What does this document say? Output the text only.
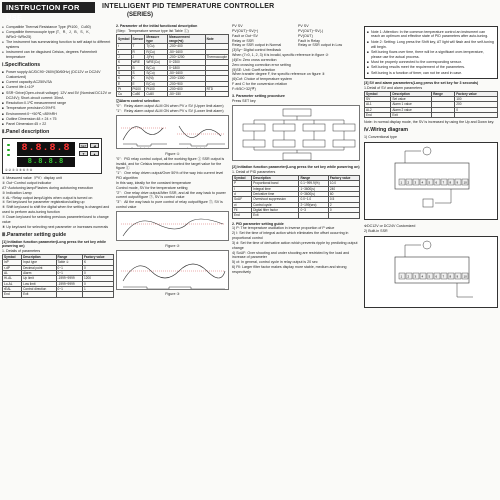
INSTRUCTION FOR USE
INTELLIGENT PID TEMPERATURE CONTROLLER
(SERIES)
● Compatible Thermal Resistance Type (Pt100、Cu50)
● Compatible thermocouple type (T、R、J、B、S、K、WRe3~WRe25)
● The instrument has summarizing function to self adapt to different systems
● Instrument can be disguised Celsius, degrees Fahrenheit temperature
Ⅰ.Specifications
■ Power supply:AC/DC90~260V(50/60Hz) (DC12V or DC24V Customized)
■ Current capacity:AC250V/3A
■ Current life:1×10⁵
■ SSR~Drive(Open-circuit voltage): 12V and 5V (Nominal DC12V or DC24V); Short-circuit current: 30mA
■ Resolution:0.1℃ measurement range
■ Temperature precision:0.5%FS
■ Environment:0~+50℃,<85%RH
■ Outline Dimension:48 × 24 × 75
■ Panel Dimension:45 × 22
Ⅱ.Panel description
8.8.8.8
8.8.8.8
SET	◀
▼	▲
① ② ③ ④ ⑤ ⑥ ⑦ ⑧
① Measured value（PV）display unit
② Out~Control output indicator
AT~Autotuning lamp/Flashes during autotuning execution
③ Indication Lamp
④ AL~Relay output lamp/Lights when output is turned on
⑤ Set key/used for parameter registration/calling up
⑥ Shift key/used to shift the digital when the setting is changed and used to perform auto-tuning function
⑦ Down key/used for selecting previous parameter/used to change value
⑧ Up key/used for selecting next parameter or increases numerals
Ⅲ.Parameter setting guide
[1] Initiation function parameter(Long press the set key while powering on)
1. Details of parameters
Symbol	Description	Range	Factory value
InP	Input type	Table ①	K
r-dP	Decimal point	0~1	0
AL	Alarm	0~1	0
Hi-AL	Up limit	-1999~9999	1200
Lo-AL	Low limit	-1999~9999	0
rEAL	Control direction	0~1	1
End	Exit		
2. Parameter of the initial functional description
(Step：Temperature sensor type list Table ①)
Symbol	Sensor	Measure type	Measurement range(℃)	Note
t	T	T(Cu)	-200~400	
r	R	R(Cu)	-50~1600	
J	J	J(Fe)	-200~1200	Thermocouple
K	WRE	WRE(Cu)	0~2300	
b	B	B(Cu)	0~1800	
S	S	S(Cu)	-50~1600	
K	K	K(Ni)	-200~1300	
E	E	E(Cu)	-200~900	
Pt	Pt100	Pt100	-200~600	RTD
Cu	Cu50	Cu50	-50~150	
⑵Alarm control selection
"0"：Relay alarm output ALM ON when PV ≥ SV (Upper limit alarm)
"1"：Relay alarm output ALM ON when PV ≤ SV (Lower limit alarm)
Upper limit alarm	Lower limit alarm
Figure ①
"0"：PID relay control output, all the working figure ① SSR output is invalid, and for Celsius temperature control the target value for the figure ①
"1"：One relay driven output/Over 50% of the way into current level PID algorithm
In this way, ideally for the constant temperature
Control mode, SV for the temperature setting
"2"：One relay drive output/After SSR, and all the way back to power current output/figure ③, SV is control value
"3"：All the way back to pure control of relay output/figure ③, SV is control value
Figure ②
Figure ③
PV SV
PV(OUT)~SV(+)
Fault or Out~SV
Relay or SSR
Relay or SSR output in Normal
PV SV
PV(OUT)~SV(-)
PV(OUT)
Fault in Relay
Relay or SSR output in Low
(3)Sy~ Digital control feedback
When (7=0, 1, 2, 3) it is invalid, specific reference in figure ②
(4)En: Zero cross correction
Zero crossing correction error setting
(5)SE: Unit: Coeff.selection
When transfer degree F, the specific reference on figure ③
(6)Cof: Choice of temperature system
F and C for the conversion relation
F=9/5C+32(℉)
3. Parameter setting procedure
Press SET key
[2] Initiation function parameter(Long press the set key while powering on)
1. Detail of PID parameters
Symbol	Description	Range	Factory value
P	Proportional band	0.1~999.9(%)	10.0
I	Integral time	1~3600(s)	240
d	Derivative time	0~3600(s)	60
SoUF	Overshoot suppression	0.0~1.0	0.5
ct	Control cycle	2~199(sec)	2
Fil	Digital filter factor	0~3	0
End	Exit		
2. PID parameter setting guide
1) P: The temperature oscillation in inverse proportion of P value
2) I: Set the time of integral action which eliminates the offset occurring in proportional control
3) d: Set the time of derivative action which prevents ripple by predicting output change
4) SoUF: Over shooting and under shooting are restricted by the load and increase of parameter
5) ct: In general, control cycle in relay output is 20 sec
6) Fil: Larger filter factor makes display more stable, medium and strong respectively
■ Note 1: Attention: In the common temperature control an instrument can reach an optimum and effective state of PID parameters after auto-tuning.
■ Note 2: Setting: Long press the Shift key, AT light will flash and the self-tuning will begin.
■ Self-tuning flows over time, there will be a significant over-temperature, please use the actual process.
■ Must be properly connected to the corresponding sensor.
■ Self-tuning results meet the requirement of the parameters.
■ Self-tuning is a function of timer, can not be used in case.
[3] SV and alarm parameters(Long press the set key for 3 seconds)
1.Detail of SV and alarm parameters
Symbol	Description	Range	Factory value
SV	Set value		100
AL1	Alarm 1 value		200
AL2	Alarm 2 value		0
End	Exit		
Note: In normal display mode, the SV is increased by using the Up and Down key.
Ⅳ.Wiring diagram
1) Conventional type
1 2 3 4 5 6 7 8 9 10
※DC12V or DC24V Customized
2) Built-in SSR
1 2 3 4 5 6 7 8 9 10
